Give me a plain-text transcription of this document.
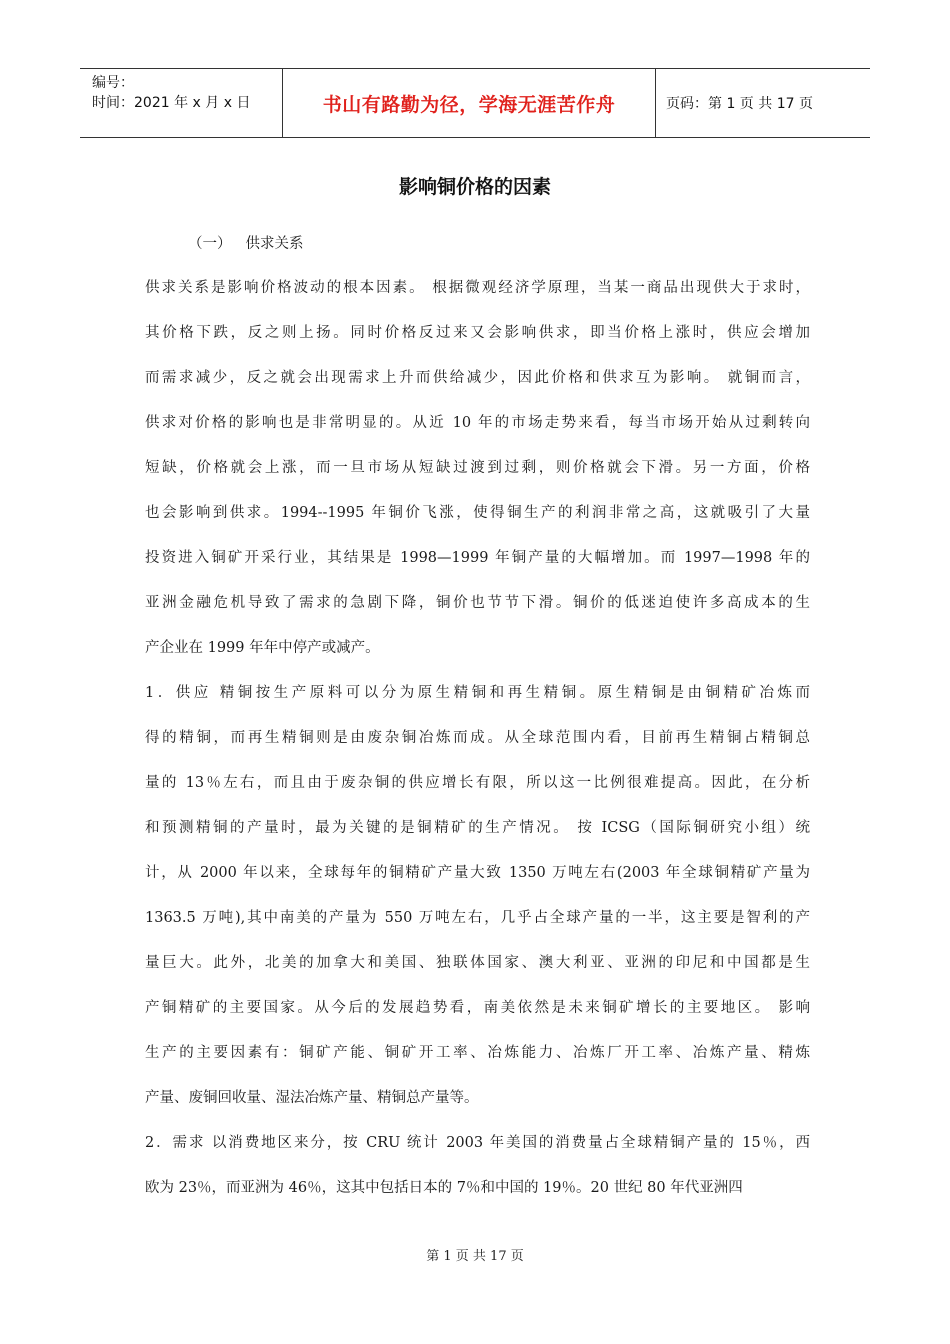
编号：
时间：2021 年 x 月 x 日	书山有路勤为径，学海无涯苦作舟	页码：第 1 页 共 17 页
影响铜价格的因素
（一） 供求关系
供求关系是影响价格波动的根本因素。 根据微观经济学原理，当某一商品出现供大于求时，
其价格下跌，反之则上扬。同时价格反过来又会影响供求，即当价格上涨时，供应会增加
而需求减少，反之就会出现需求上升而供给减少，因此价格和供求互为影响。 就铜而言，
供求对价格的影响也是非常明显的。从近 10 年的市场走势来看，每当市场开始从过剩转向
短缺，价格就会上涨，而一旦市场从短缺过渡到过剩，则价格就会下滑。另一方面，价格
也会影响到供求。1994--1995 年铜价飞涨，使得铜生产的利润非常之高，这就吸引了大量
投资进入铜矿开采行业，其结果是 1998—1999 年铜产量的大幅增加。而 1997—1998 年的
亚洲金融危机导致了需求的急剧下降，铜价也节节下滑。铜价的低迷迫使许多高成本的生
产企业在 1999 年年中停产或减产。
1．供应 精铜按生产原料可以分为原生精铜和再生精铜。原生精铜是由铜精矿冶炼而
得的精铜，而再生精铜则是由废杂铜冶炼而成。从全球范围内看，目前再生精铜占精铜总
量的 13％左右，而且由于废杂铜的供应增长有限，所以这一比例很难提高。因此，在分析
和预测精铜的产量时，最为关键的是铜精矿的生产情况。 按 ICSG（国际铜研究小组）统
计，从 2000 年以来，全球每年的铜精矿产量大致 1350 万吨左右(2003 年全球铜精矿产量为
1363.5 万吨),其中南美的产量为 550 万吨左右，几乎占全球产量的一半，这主要是智利的产
量巨大。此外，北美的加拿大和美国、独联体国家、澳大利亚、亚洲的印尼和中国都是生
产铜精矿的主要国家。从今后的发展趋势看，南美依然是未来铜矿增长的主要地区。 影响
生产的主要因素有：铜矿产能、铜矿开工率、冶炼能力、冶炼厂开工率、冶炼产量、精炼
产量、废铜回收量、湿法冶炼产量、精铜总产量等。
2．需求 以消费地区来分，按 CRU 统计 2003 年美国的消费量占全球精铜产量的 15％，西
欧为 23％，而亚洲为 46％，这其中包括日本的 7％和中国的 19％。20 世纪 80 年代亚洲四
第 1 页 共 17 页
